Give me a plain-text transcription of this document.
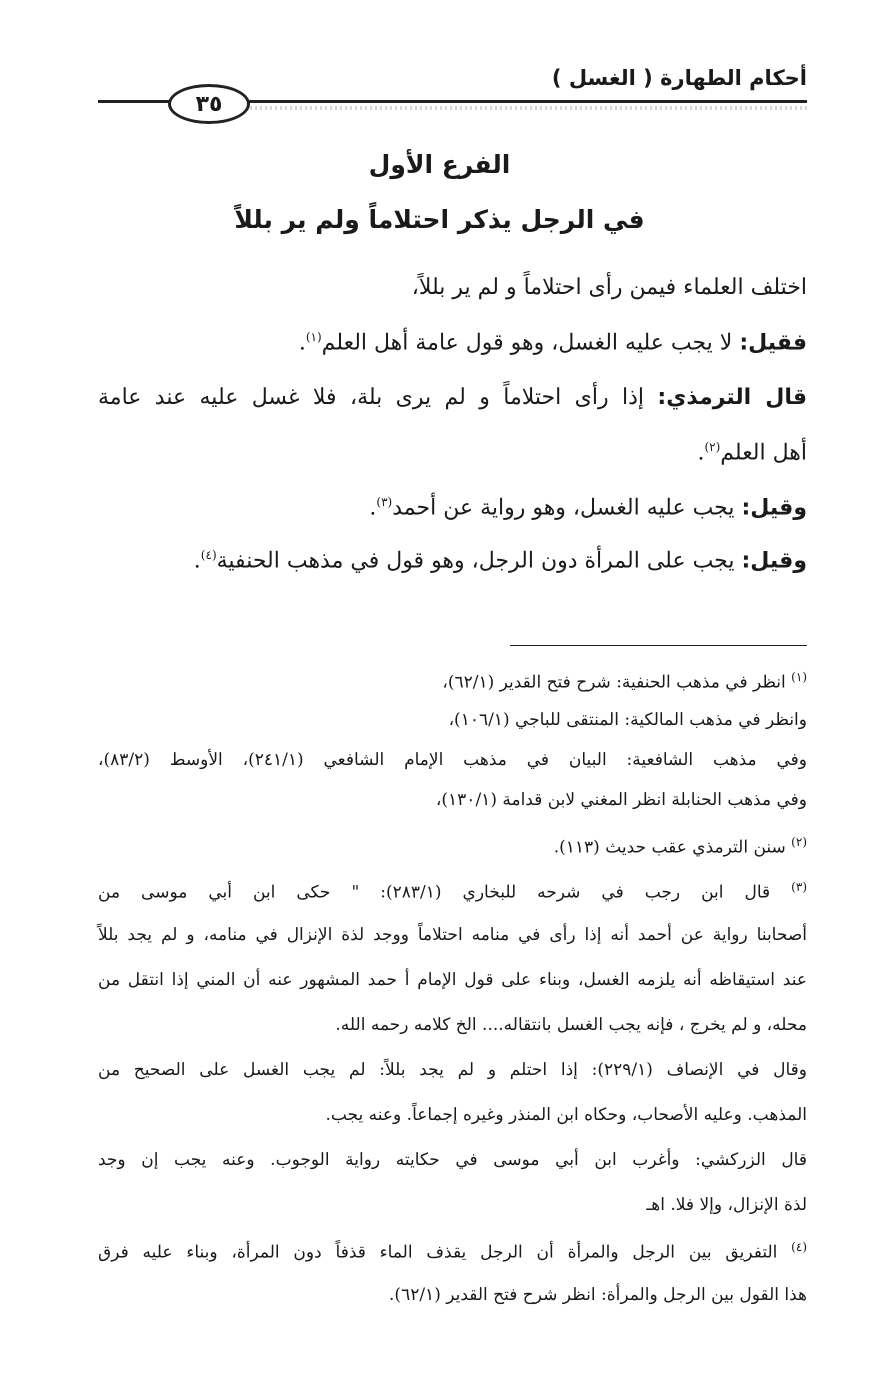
أحكام الطهارة ( الغسل )
٣٥
الفرع الأول
في الرجل يذكر احتلاماً ولم ير بللاً
اختلف العلماء فيمن رأى احتلاماً و لم ير بللاً،
فقيل: لا يجب عليه الغسل، وهو قول عامة أهل العلم$^{(١)}$.
قال الترمذي: إذا رأى احتلاماً و لم يرى بلة، فلا غسل عليه عند عامة
أهل العلم$^{(٢)}$.
وقيل: يجب عليه الغسل، وهو رواية عن أحمد$^{(٣)}$.
وقيل: يجب على المرأة دون الرجل، وهو قول في مذهب الحنفية$^{(٤)}$.
$^{(١)}$ انظر في مذهب الحنفية: شرح فتح القدير (٦٢/١)،
وانظر في مذهب المالكية: المنتقى للباجي (١٠٦/١)،
وفي مذهب الشافعية: البيان في مذهب الإمام الشافعي (٢٤١/١)، الأوسط (٨٣/٢)،
وفي مذهب الحنابلة انظر المغني لابن قدامة (١٣٠/١)،
$^{(٢)}$ سنن الترمذي عقب حديث (١١٣).
$^{(٣)}$ قال ابن رجب في شرحه للبخاري (٢٨٣/١): " حكى ابن أبي موسى من
أصحابنا رواية عن أحمد أنه إذا رأى في منامه احتلاماً ووجد لذة الإنزال في منامه، و لم يجد بللاً
عند استيقاظه أنه يلزمه الغسل، وبناء على قول الإمام أ حمد المشهور عنه أن المني إذا انتقل من
محله، و لم يخرج ، فإنه يجب الغسل بانتقاله.... الخ كلامه رحمه الله.
وقال في الإنصاف (٢٢٩/١): إذا احتلم و لم يجد بللاً: لم يجب الغسل على الصحيح من
المذهب. وعليه الأصحاب، وحكاه ابن المنذر وغيره إجماعاً. وعنه يجب.
قال الزركشي: وأغرب ابن أبي موسى في حكايته رواية الوجوب. وعنه يجب إن وجد
لذة الإنزال، وإلا فلا. اهـ
$^{(٤)}$ التفريق بين الرجل والمرأة أن الرجل يقذف الماء قذفاً دون المرأة، وبناء عليه فرق
هذا القول بين الرجل والمرأة: انظر شرح فتح القدير (٦٢/١).
